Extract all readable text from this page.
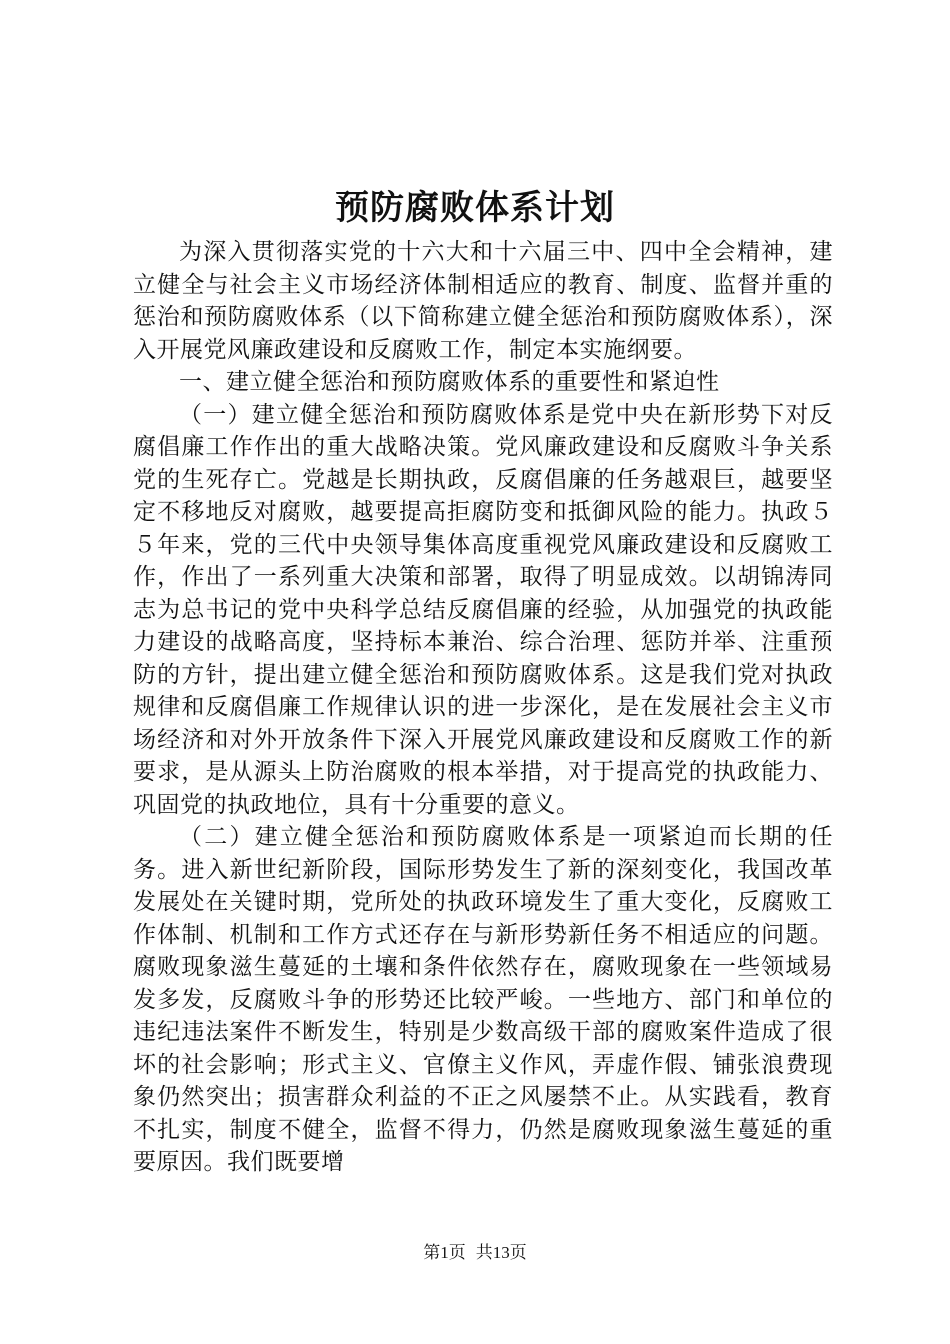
预防腐败体系计划

为深入贯彻落实党的十六大和十六届三中、四中全会精神，建立健全与社会主义市场经济体制相适应的教育、制度、监督并重的惩治和预防腐败体系（以下简称建立健全惩治和预防腐败体系），深入开展党风廉政建设和反腐败工作，制定本实施纲要。

一、建立健全惩治和预防腐败体系的重要性和紧迫性

（一）建立健全惩治和预防腐败体系是党中央在新形势下对反腐倡廉工作作出的重大战略决策。党风廉政建设和反腐败斗争关系党的生死存亡。党越是长期执政，反腐倡廉的任务越艰巨，越要坚定不移地反对腐败，越要提高拒腐防变和抵御风险的能力。执政５５年来，党的三代中央领导集体高度重视党风廉政建设和反腐败工作，作出了一系列重大决策和部署，取得了明显成效。以胡锦涛同志为总书记的党中央科学总结反腐倡廉的经验，从加强党的执政能力建设的战略高度，坚持标本兼治、综合治理、惩防并举、注重预防的方针，提出建立健全惩治和预防腐败体系。这是我们党对执政规律和反腐倡廉工作规律认识的进一步深化，是在发展社会主义市场经济和对外开放条件下深入开展党风廉政建设和反腐败工作的新要求，是从源头上防治腐败的根本举措，对于提高党的执政能力、巩固党的执政地位，具有十分重要的意义。

（二）建立健全惩治和预防腐败体系是一项紧迫而长期的任务。进入新世纪新阶段，国际形势发生了新的深刻变化，我国改革发展处在关键时期，党所处的执政环境发生了重大变化，反腐败工作体制、机制和工作方式还存在与新形势新任务不相适应的问题。腐败现象滋生蔓延的土壤和条件依然存在，腐败现象在一些领域易发多发，反腐败斗争的形势还比较严峻。一些地方、部门和单位的违纪违法案件不断发生，特别是少数高级干部的腐败案件造成了很坏的社会影响；形式主义、官僚主义作风，弄虚作假、铺张浪费现象仍然突出；损害群众利益的不正之风屡禁不止。从实践看，教育不扎实，制度不健全，监督不得力，仍然是腐败现象滋生蔓延的重要原因。我们既要增

第1页 共13页
